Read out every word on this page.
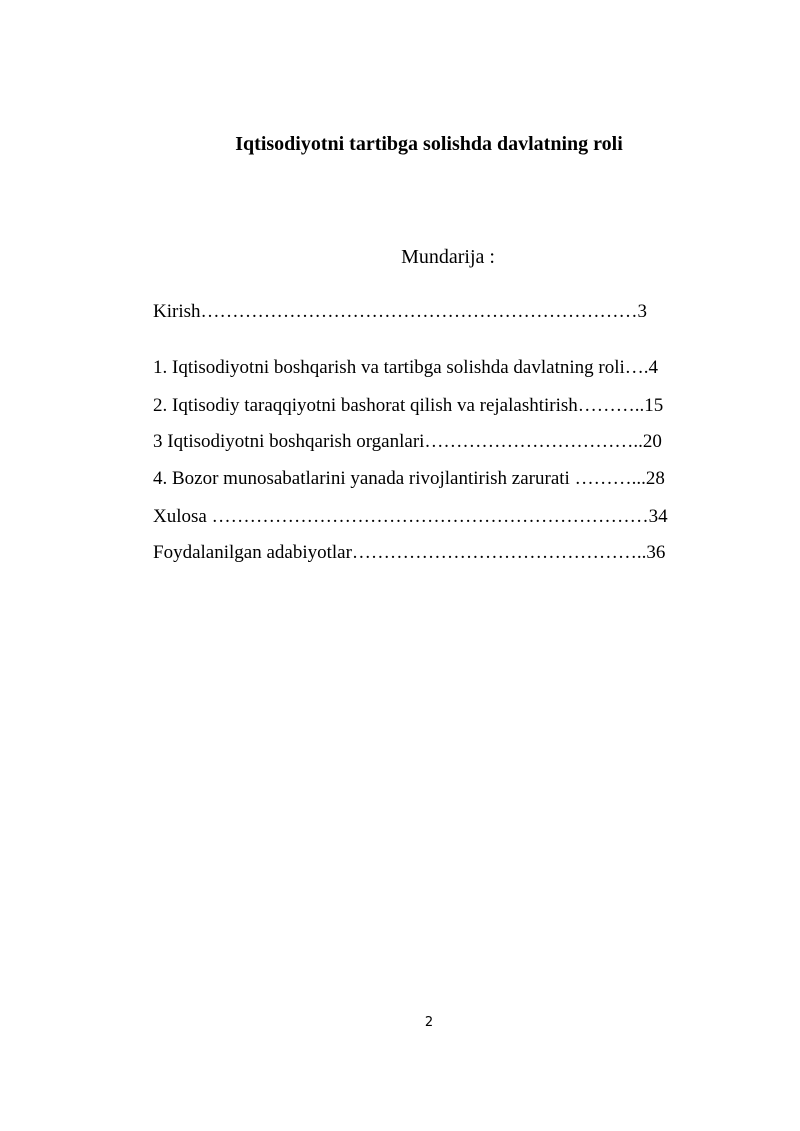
Iqtisodiyotni tartibga solishda davlatning roli
Mundarija :
Kirish……………………………………………………………3
1. Iqtisodiyotni boshqarish va tartibga solishda davlatning roli….4
2. Iqtisodiy taraqqiyotni bashorat qilish va rejalashtirish………..15
3 Iqtisodiyotni boshqarish organlari……………………………..20
4. Bozor munosabatlarini yanada rivojlantirish zarurati ………...28
Xulosa ……………………………………………………………34
Foydalanilgan adabiyotlar………………………………………..36
2
